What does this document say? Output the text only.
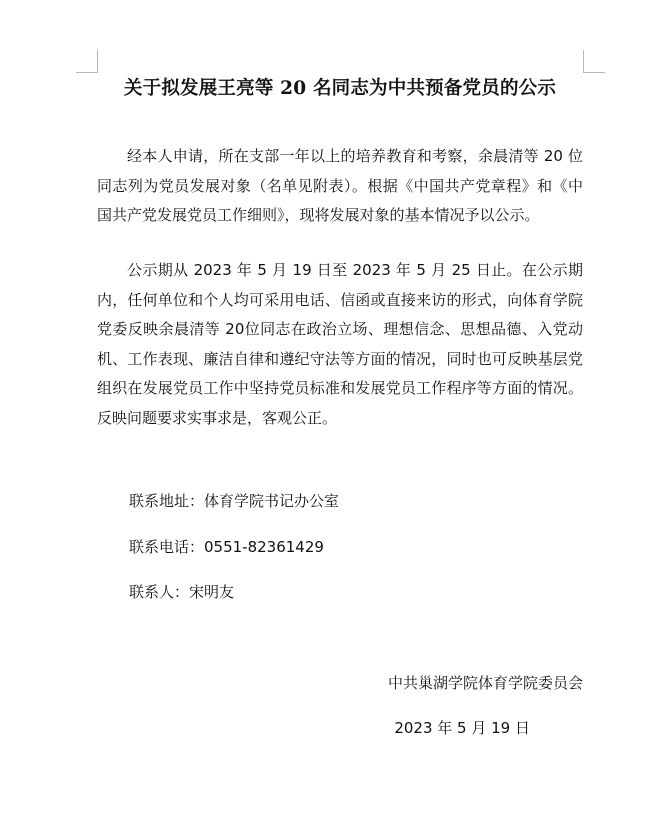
关于拟发展王亮等 20 名同志为中共预备党员的公示

经本人申请，所在支部一年以上的培养教育和考察，余晨清等 20 位同志列为党员发展对象（名单见附表）。根据《中国共产党章程》和《中国共产党发展党员工作细则》，现将发展对象的基本情况予以公示。

公示期从 2023 年 5 月 19 日至 2023 年 5 月 25 日止。在公示期内，任何单位和个人均可采用电话、信函或直接来访的形式，向体育学院党委反映余晨清等 20位同志在政治立场、理想信念、思想品德、入党动机、工作表现、廉洁自律和遵纪守法等方面的情况，同时也可反映基层党组织在发展党员工作中坚持党员标准和发展党员工作程序等方面的情况。反映问题要求实事求是，客观公正。

联系地址：体育学院书记办公室
联系电话：0551-82361429
联系人：宋明友
中共巢湖学院体育学院委员会
2023 年 5 月 19 日
